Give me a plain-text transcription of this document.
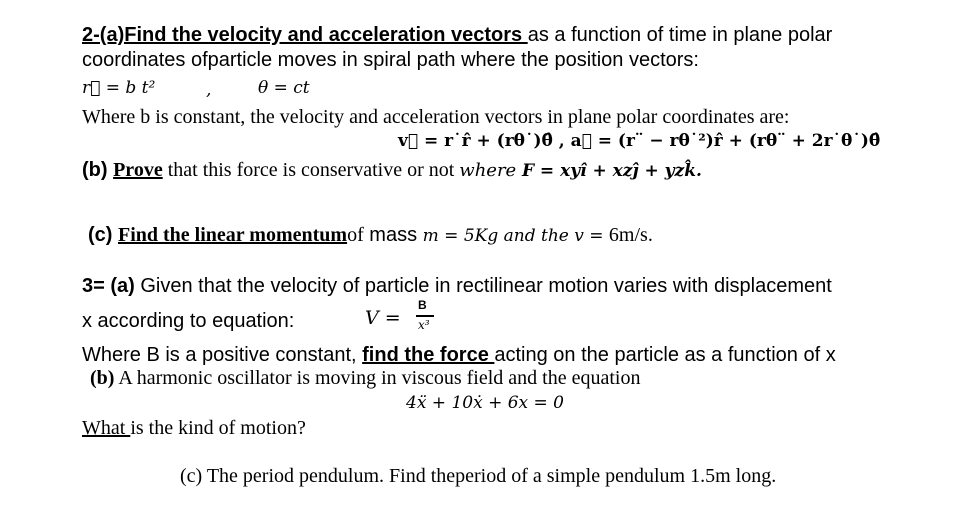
2-(a)Find the velocity and acceleration vectors as a function of time in plane polar
coordinates ofparticle moves in spiral path where the position vectors:
r⃗ = b t²	,	θ = ct
Where b is constant, the velocity and acceleration vectors in plane polar coordinates are:
v⃗ = r˙r̂ + (rθ˙)θ̂ , a⃗ = (r¨ − rθ˙²)r̂ + (rθ¨ + 2r˙θ˙)θ̂
(b) Prove that this force is conservative or not where F = xyî + xzĵ + yzk̂.
(c) Find the linear momentumof mass m = 5Kg and the v = 6m/s.
3= (a) Given that the velocity of particle in rectilinear motion varies with displacement
x according to equation:	V =
B
x³
Where B is a positive constant, find the force acting on the particle as a function of x
(b) A harmonic oscillator is moving in viscous field and the equation
4ẍ + 10ẋ + 6x = 0
What is the kind of motion?
(c) The period pendulum. Find theperiod of a simple pendulum 1.5m long.
